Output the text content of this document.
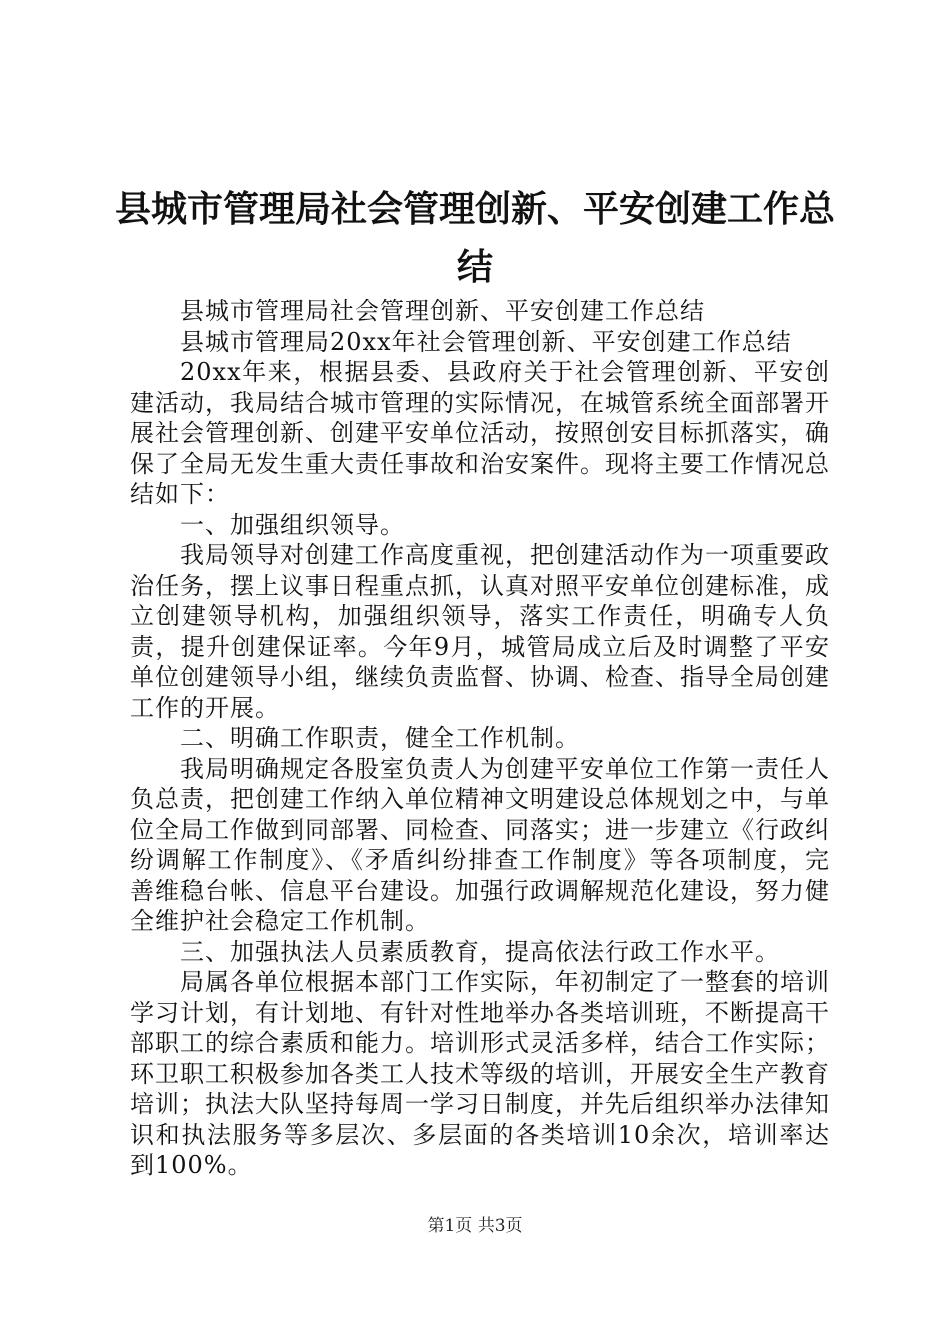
县城市管理局社会管理创新、平安创建工作总
结

县城市管理局社会管理创新、平安创建工作总结

县城市管理局20xx年社会管理创新、平安创建工作总结

20xx年来，根据县委、县政府关于社会管理创新、平安创建活动，我局结合城市管理的实际情况，在城管系统全面部署开展社会管理创新、创建平安单位活动，按照创安目标抓落实，确保了全局无发生重大责任事故和治安案件。现将主要工作情况总结如下：

一、加强组织领导。

我局领导对创建工作高度重视，把创建活动作为一项重要政治任务，摆上议事日程重点抓，认真对照平安单位创建标准，成立创建领导机构，加强组织领导，落实工作责任，明确专人负责，提升创建保证率。今年9月，城管局成立后及时调整了平安单位创建领导小组，继续负责监督、协调、检查、指导全局创建工作的开展。

二、明确工作职责，健全工作机制。

我局明确规定各股室负责人为创建平安单位工作第一责任人负总责，把创建工作纳入单位精神文明建设总体规划之中，与单位全局工作做到同部署、同检查、同落实；进一步建立《行政纠纷调解工作制度》、《矛盾纠纷排查工作制度》等各项制度，完善维稳台帐、信息平台建设。加强行政调解规范化建设，努力健全维护社会稳定工作机制。

三、加强执法人员素质教育，提高依法行政工作水平。

局属各单位根据本部门工作实际，年初制定了一整套的培训学习计划，有计划地、有针对性地举办各类培训班，不断提高干部职工的综合素质和能力。培训形式灵活多样，结合工作实际；环卫职工积极参加各类工人技术等级的培训，开展安全生产教育培训；执法大队坚持每周一学习日制度，并先后组织举办法律知识和执法服务等多层次、多层面的各类培训10余次，培训率达到100%。

第1页 共3页
